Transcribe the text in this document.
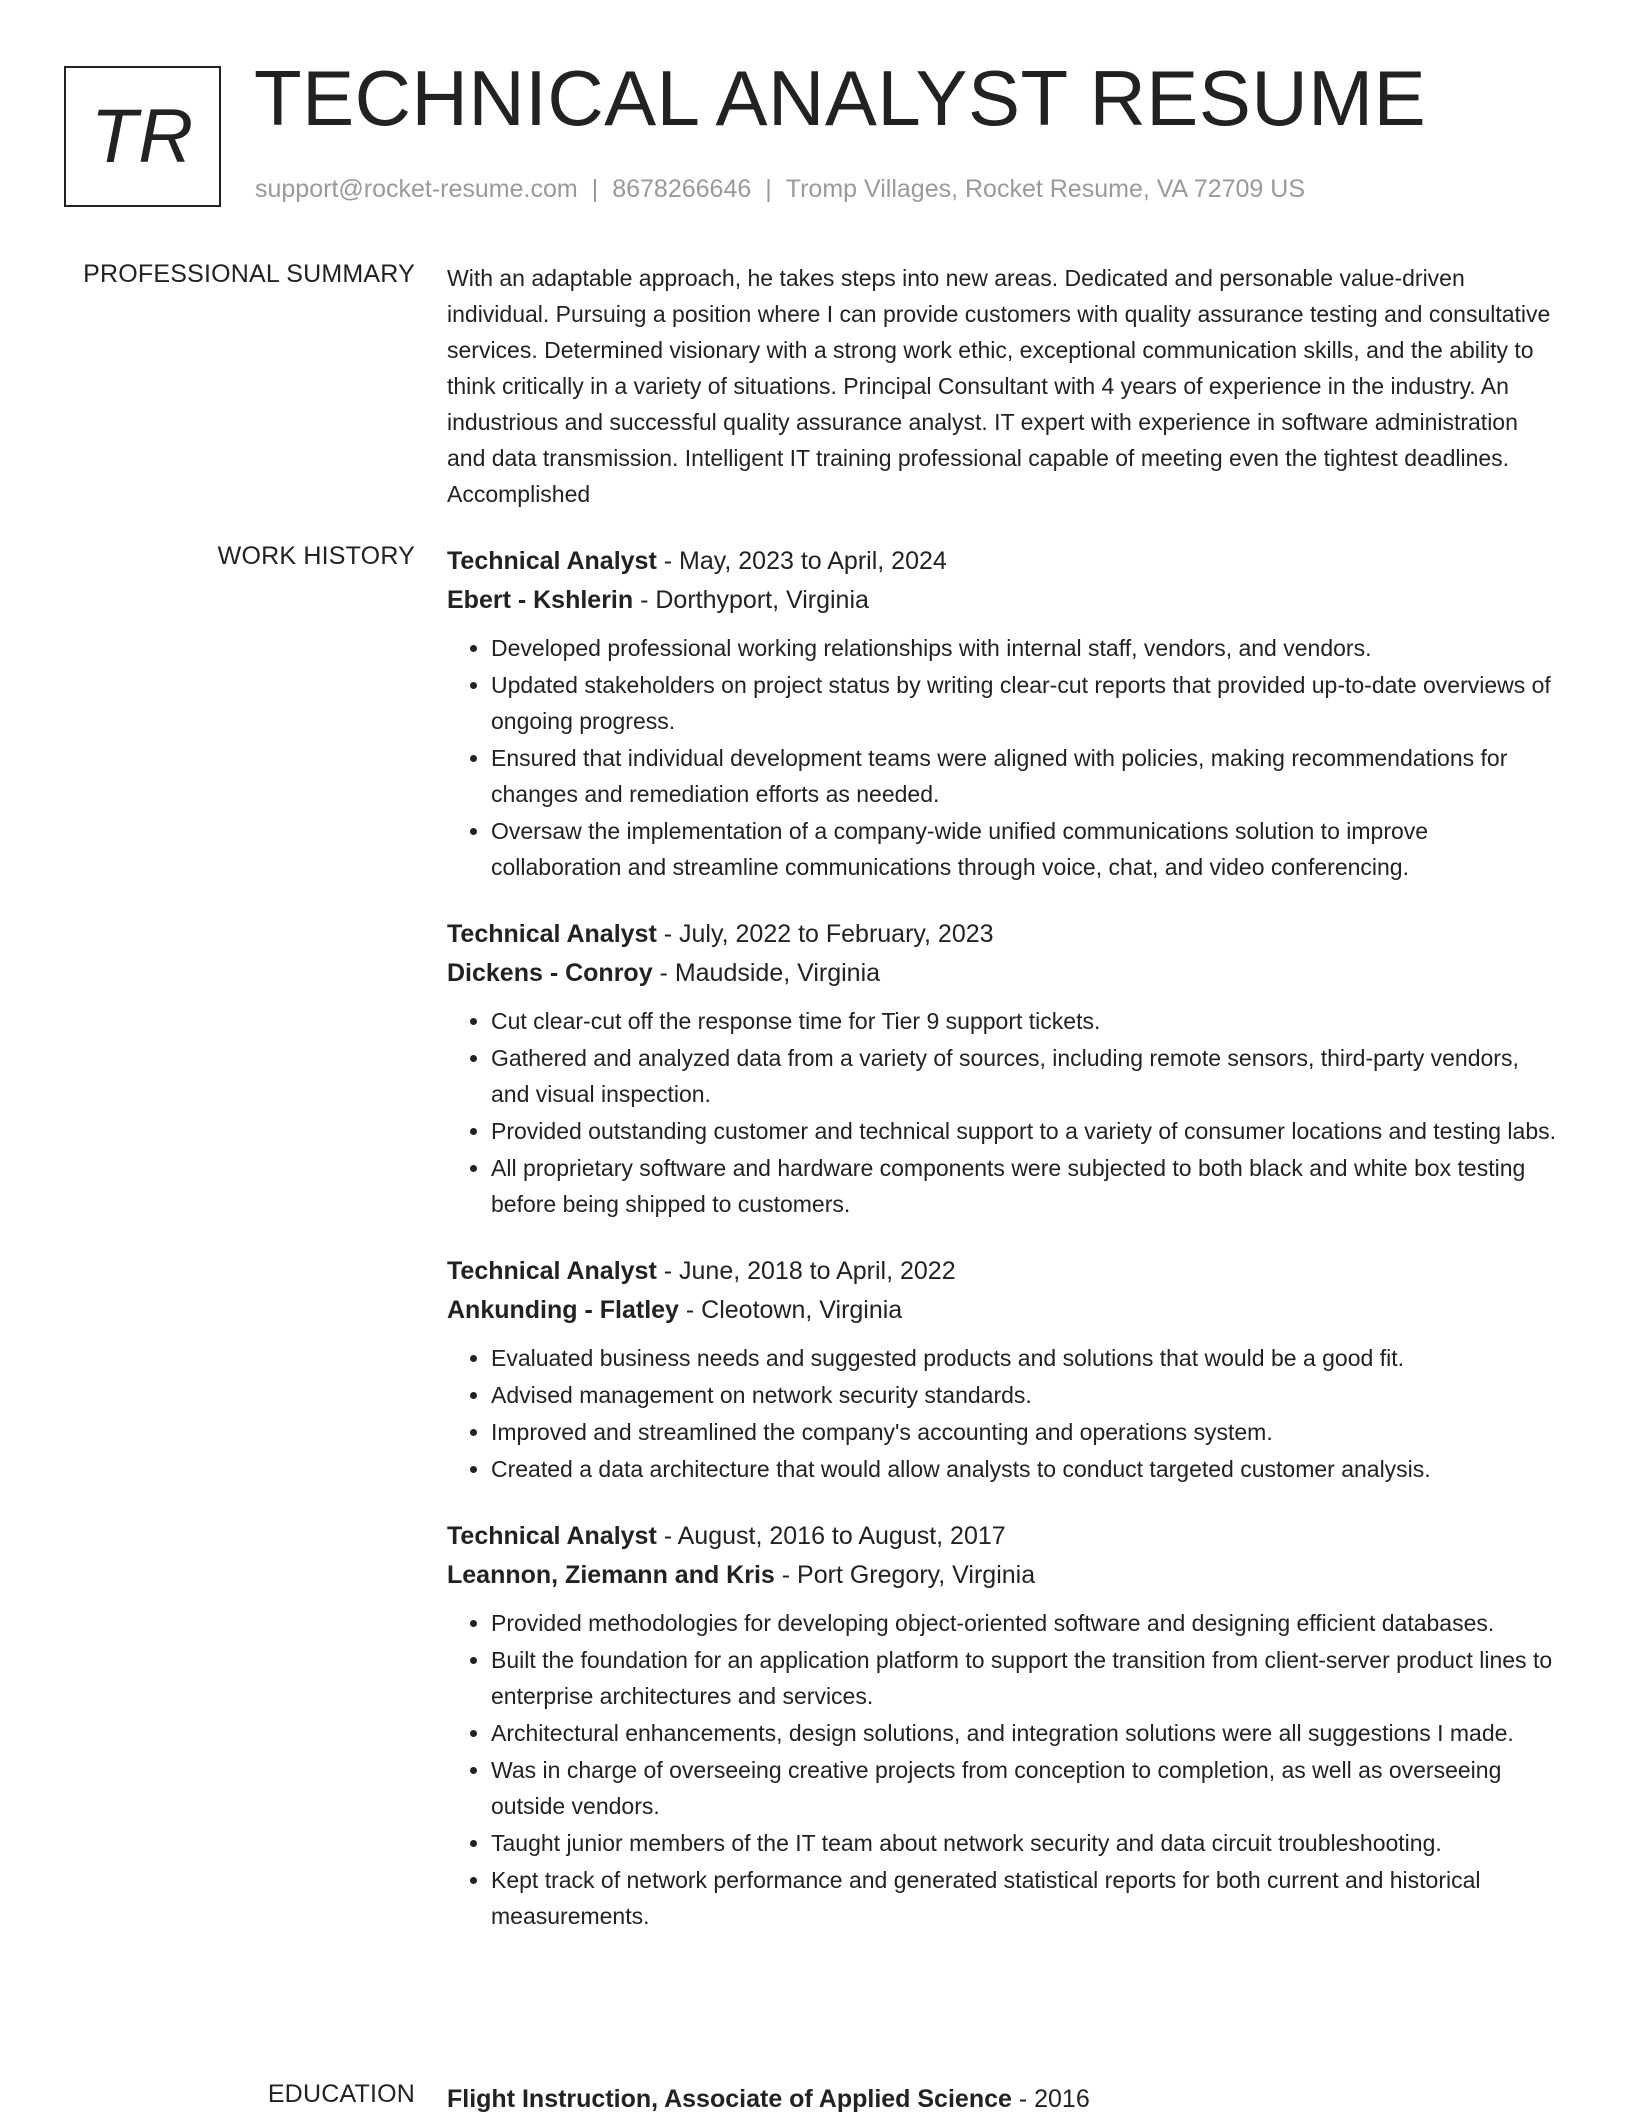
TR TECHNICAL ANALYST RESUME
support@rocket-resume.com | 8678266646 | Tromp Villages, Rocket Resume, VA 72709 US
PROFESSIONAL SUMMARY With an adaptable approach, he takes steps into new areas. Dedicated and personable value-driven individual. Pursuing a position where I can provide customers with quality assurance testing and consultative services. Determined visionary with a strong work ethic, exceptional communication skills, and the ability to think critically in a variety of situations. Principal Consultant with 4 years of experience in the industry. An industrious and successful quality assurance analyst. IT expert with experience in software administration and data transmission. Intelligent IT training professional capable of meeting even the tightest deadlines. Accomplished

WORK HISTORY Technical Analyst - May, 2023 to April, 2024

Ebert - Kshlerin - Dorthyport, Virginia

• Developed professional working relationships with internal staff, vendors, and vendors.
• Updated stakeholders on project status by writing clear-cut reports that provided up-to-date overviews of ongoing progress.
• Ensured that individual development teams were aligned with policies, making recommendations for changes and remediation efforts as needed.
• Oversaw the implementation of a company-wide unified communications solution to improve collaboration and streamline communications through voice, chat, and video conferencing.

Technical Analyst - July, 2022 to February, 2023

Dickens - Conroy - Maudside, Virginia

• Cut clear-cut off the response time for Tier 9 support tickets.
• Gathered and analyzed data from a variety of sources, including remote sensors, third-party vendors, and visual inspection.
• Provided outstanding customer and technical support to a variety of consumer locations and testing labs.
• All proprietary software and hardware components were subjected to both black and white box testing before being shipped to customers.

Technical Analyst - June, 2018 to April, 2022

Ankunding - Flatley - Cleotown, Virginia

• Evaluated business needs and suggested products and solutions that would be a good fit.
• Advised management on network security standards.
• Improved and streamlined the company's accounting and operations system.
• Created a data architecture that would allow analysts to conduct targeted customer analysis.

Technical Analyst - August, 2016 to August, 2017

Leannon, Ziemann and Kris - Port Gregory, Virginia

• Provided methodologies for developing object-oriented software and designing efficient databases.
• Built the foundation for an application platform to support the transition from client-server product lines to enterprise architectures and services.
• Architectural enhancements, design solutions, and integration solutions were all suggestions I made.
• Was in charge of overseeing creative projects from conception to completion, as well as overseeing outside vendors.
• Taught junior members of the IT team about network security and data circuit troubleshooting.
• Kept track of network performance and generated statistical reports for both current and historical measurements.
EDUCATION Flight Instruction, Associate of Applied Science - 2016
